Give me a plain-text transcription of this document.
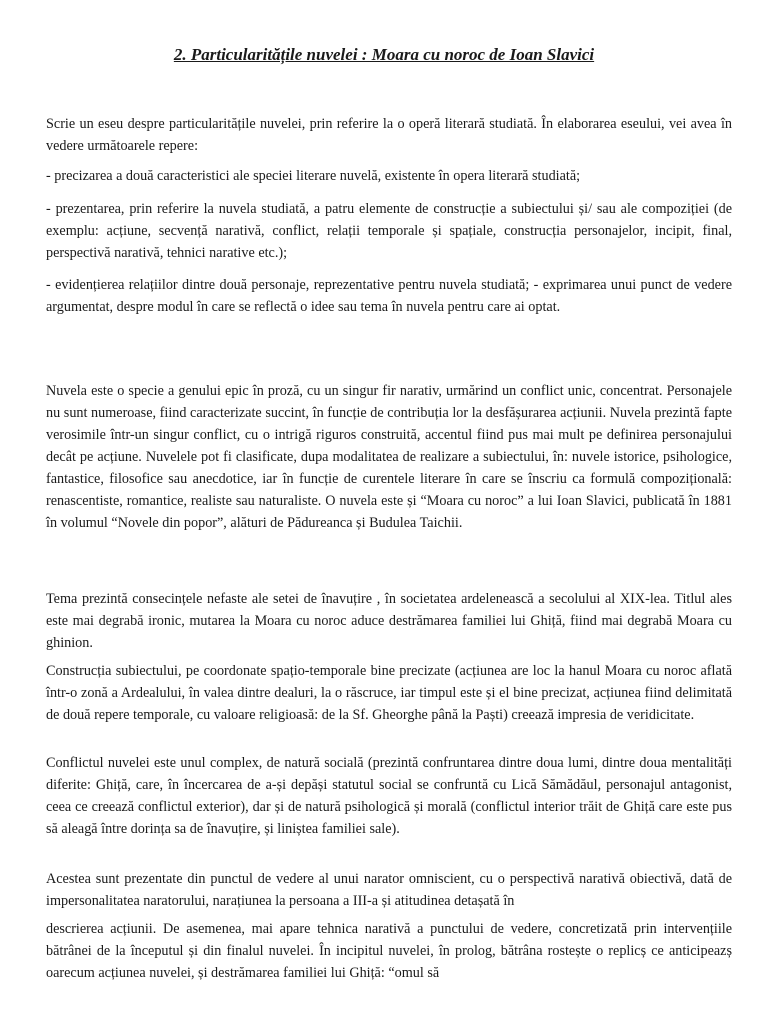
2. Particularitățile nuvelei : Moara cu noroc de Ioan Slavici
Scrie un eseu despre particularitățile nuvelei, prin referire la o operă literară studiată. În elaborarea eseului, vei avea în vedere următoarele repere:
- precizarea a două caracteristici ale speciei literare nuvelă, existente în opera literară studiată;
- prezentarea, prin referire la nuvela studiată, a patru elemente de construcție a subiectului și/ sau ale compoziției (de exemplu: acțiune, secvență narativă, conflict, relații temporale și spațiale, construcția personajelor, incipit, final, perspectivă narativă, tehnici narative etc.);
- evidențierea relațiilor dintre două personaje, reprezentative pentru nuvela studiată; - exprimarea unui punct de vedere argumentat, despre modul în care se reflectă o idee sau tema în nuvela pentru care ai optat.
Nuvela este o specie a genului epic în proză, cu un singur fir narativ, urmărind un conflict unic, concentrat. Personajele nu sunt numeroase, fiind caracterizate succint, în funcție de contribuția lor la desfășurarea acțiunii. Nuvela prezintă fapte verosimile într-un singur conflict, cu o intrigă riguros construită, accentul fiind pus mai mult pe definirea personajului decât pe acțiune. Nuvelele pot fi clasificate, dupa modalitatea de realizare a subiectului, în: nuvele istorice, psihologice, fantastice, filosofice sau anecdotice, iar în funcție de curentele literare în care se înscriu ca formulă compozițională: renascentiste, romantice, realiste sau naturaliste. O nuvela este și “Moara cu noroc” a lui Ioan Slavici, publicată în 1881 în volumul “Novele din popor”, alături de Pădureanca și Budulea Taichii.
Tema prezintă consecințele nefaste ale setei de înavuțire , în societatea ardelenească a secolului al XIX-lea. Titlul ales este mai degrabă ironic, mutarea la Moara cu noroc aduce destrămarea familiei lui Ghiță, fiind mai degrabă Moara cu ghinion.
Construcția subiectului, pe coordonate spațio-temporale bine precizate (acțiunea are loc la hanul Moara cu noroc aflată într-o zonă a Ardealului, în valea dintre dealuri, la o răscruce, iar timpul este și el bine precizat, acțiunea fiind delimitată de două repere temporale, cu valoare religioasă: de la Sf. Gheorghe până la Paști) creează impresia de veridicitate.
Conflictul nuvelei este unul complex, de natură socială (prezintă confruntarea dintre doua lumi, dintre doua mentalități diferite: Ghiță, care, în încercarea de a-și depăși statutul social se confruntă cu Lică Sămădăul, personajul antagonist, ceea ce creează conflictul exterior), dar și de natură psihologică și morală (conflictul interior trăit de Ghiță care este pus să aleagă între dorința sa de înavuțire, și liniștea familiei sale).
Acestea sunt prezentate din punctul de vedere al unui narator omniscient, cu o perspectivă narativă obiectivă, dată de impersonalitatea naratorului, narațiunea la persoana a III-a și atitudinea detașată în
descrierea acțiunii. De asemenea, mai apare tehnica narativă a punctului de vedere, concretizată prin intervențiile bătrânei de la începutul și din finalul nuvelei. În incipitul nuvelei, în prolog, bătrâna rostește o replicș ce anticipeazș oarecum acțiunea nuvelei, și destrămarea familiei lui Ghiță: “omul să
